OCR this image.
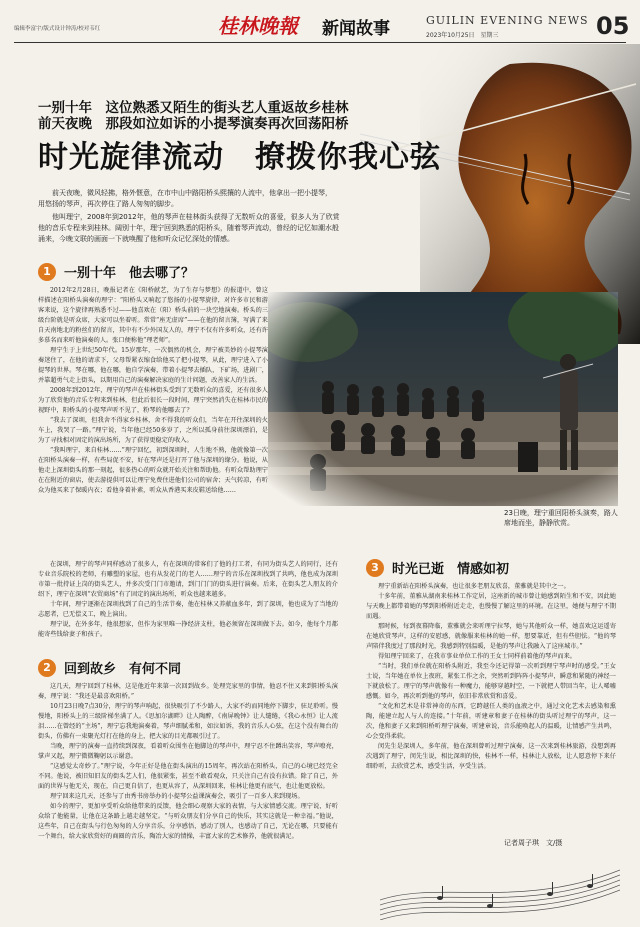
编辑李富宇/版式设计钟涛/校对韦红	桂林晚報 新闻故事	GUILIN EVENING NEWS
2023年10月25日　星期三	05
一别十年　这位熟悉又陌生的街头艺人重返故乡桂林
前天夜晚　那段如泣如诉的小提琴演奏再次回荡阳桥
时光旋律流动　撩拨你我心弦
前天夜晚，微风轻拂，格外惬意，在市中山中路阳桥头熙攘的人流中，他拿出一把小提琴，用悠扬的琴声，再次停住了路人匆匆的脚步。
他叫理宁，2008年到2012年，他的琴声在桂林街头获得了无数听众的喜爱，很多人为了欣赏他的音乐专程来到桂林。阔别十年，理宁回到熟悉的阳桥头，随着琴声流动，曾经的记忆如潮水般涌来，今晚文联的画面一下就唤醒了他和听众记忆深处的情感。
1	一别十年　他去哪了？

2012年2月28日，晚报记者在《阳桥献艺，为了生存与梦想》的报道中，曾这样描述在阳桥头演奏的理宁：“阳桥头又响起了悠扬的小提琴旋律，对许多市民和游客来说，这个旋律再熟悉不过——他喜欢在（阳）桥头前的一块空地演奏。桥头的三级台阶就是听众席，大家可以坐着听。常常“座无虚席”——在他的留言簿，写满了来自天南地北的粉丝们的留言，其中有不少外国友人的，理宁不仅有许多听众，还有许多慕名而来听他演奏的人。张口便称他“理老师”。

理宁生于上世纪50年代。15岁那年，一次偶然的机会，理宁被美妙的小提琴演奏迷住了，在他的请求下，父母帮紧衣缩食给他买了把小提琴，从此，理宁进入了小提琴的世界。琴在哪，他在哪，他自学演奏，带着小提琴去插队，下矿场，进剧厂，并靠超勇气走上街头，以期用自己的演奏解决家庭的生计问题，改善家人的生活。

2008年到2012年，理宁的琴声在桂林街头受到了无数听众的喜爱，还有很多人为了欣赏他的音乐专程来到桂林，但此后很长一段时间，理宁突然消失在桂林市民的视野中，阳桥头的小提琴声听不见了，粉琴的他哪去了？

“我去了深圳，但我舍不得家乡桂林，舍不得我的听众们，当年在开往深圳的火车上，我哭了一路。”理宁说，当年他已经50多岁了，之所以孤身前往深圳漂泊，是为了寻找相对固定的演出场所，为了获得更稳定的收入。

“我叫理宁，来自桂林……”理宁回忆，初到深圳时，人生地不熟，他就像第一次在阳桥头演奏一样，有些局促不安，好在琴声还是打开了他与深圳的缘分。他说，从他走上深圳街头的那一刻起，很多热心的听众就开始关注和帮助他。有听众帮助理宁在在附近的窗店，使去游提供可以让理宁免费住进他们公司的宿舍；天气转凉，有听众为他买来了保暖内衣；看他身着补素，听众从香港买来皮鞋送给他……

在深圳，理宁的琴声同样感动了很多人，有在深圳的常客们了他的打工者，有同为街头艺人的同行，还有专业音乐院校的老师，有雕塑的家屋，也有从发花门的老人……理宁的音乐在深圳找到了共鸣，他也成为深圳市第一批持证上岗的街头艺人，并多次受门门市邀请，到门门门的街头进行演奏。后来，在街头艺人朋友的介绍下，理宁在深圳“农贸商场”有了固定的演出场所，听众也越来越多。

十年间，理宁逐渐在深圳找到了自己的生活节奏，他在桂林又养献血多年，到了深圳，他也成为了当地的志愿者，已无偿义工，晚上演出。

理宁说，在外多年，他很想家，但作为家里唯一挣经济支柱，他必须留在深圳做下去。如今，他每个月都能寄些钱给妻子和孩子。

2	回到故乡　有何不同

这几天，理宁回到了桂林，这是他近年来第一次回到故乡。处理完家里的事情，他忍不住又来到阳桥头演奏，理宁说：“我还是最喜欢阳桥。”

10月23日晚7点30分，理宁的琴声响起，很快吸引了不少路人，大家不约而同地停下脚步，驻足聆听。慢慢地，阳桥头上的三级阶梯坐满了人。《思加尔湖畔》让人陶醉，《南屏晚钟》让人缱绻，《我心永恒》让人流泪……在曾经的“主场”，理宁忘我地演奏着，琴声细腻柔和，如泣如诉，我的音乐人心弦，在这个没有舞台的街头，仿佛有一束聚光灯打在他的身上，把大家的目光都吸引过了。

当晚，理宁的演奏一直持续到深夜，看着听众围坐在他脚边的琴声中，理宁忍不住蹲出笑容，琴声嘹亮，掌声又起，理宁微微鞠躬以示谢意。

“这感觉太奇妙了。”理宁说，今年正好是他在街头演出的15周年，再次站在阳桥头，自己的心境已经完全不同。他说，被旧知旧友的街头艺人们，他很紧张，甚至不敢看观众，只关注自己有没有拉错。除了自己，外面的世界与他无关，现在，自己更自信了，也更从容了，从深圳回来，桂林让他更有底气，也让他更放松。

理宁回来这几天，还参与了由秀书房举办的小提琴公益课演奏会，吸引了一百多人来到现场。

如今的理宁，更加享受听众给他带来的反馈，他会细心观察大家的表情，与大家情感交流。理宁说，好听众给了他能量，让他在这条路上越走越坚定。“与听众朋友们分享自己的快乐，其实这就是一种幸福。”他说，这些年，自己在街头与行色匆匆的人分享音乐，分享感悟，感动了别人，也感动了自己，无论在哪，只要能有一个舞台，给大家欣赏好的商圈的音乐，陶冶大家的情操，丰富大家的艺术修养，他就很满足。

23日晚，理宁重回阳桥头演奏，路人席地而坐，静静欣赏。
3	时光已逝　情感如初

理宁重新站在阳桥头演奏，也让很多老朋友欣喜，董雅就是其中之一。

十多年前，董雅从湖南来桂林工作定居，这座新的城市曾让她感到陌生和不安，因此她与天晚上都带着她的琴到阳桥附近走走，也慢慢了解这里的环境。在这里，她便与理宁不期而遇。

那时候，每到夜幕降临，董雅就会来听理宁拉琴，她与其他听众一样，她喜欢这运遥寄在她欣赏琴声，这样的安慰感，就像服来桂林的她一样，想要靠近，但有些胆怯。“他的琴声陪伴我度过了那段时光，我感到特别温暖，是他的琴声让我融入了这座城市。”

得知理宁回来了，在我市事业单位工作的王女士同样前着他的琴声而来。

“当时，我们单位就在阳桥头附近，我至今还记得第一次听到理宁琴声时的感受。”王女士说，当年她在单位上夜班，紧张工作之余，突然听到阵阵小提琴声，瞬意和紧随的神经一下就放松了。理宁的琴声就像有一种魔力，能够穿越时空，一下就把人带回当年，让人唏嘘感慨。如今，再次听到他的琴声，依旧非常欣赏和喜爱。

“文化和艺术是非常神奇的东西，它跨越任人类的血液之中，通过文化艺术去感染和熏陶，能建立起人与人的连接。”十年前，听建章和妻子在桂林的街头听过理宁的琴声，这一次，他和妻子又来到阳桥听理宁演奏，听建章说，音乐能唤起人的温暖，让情感产生共鸣，心会变得柔软。

闵先生是深圳人，多年前，他在深圳曾听过理宁演奏，这一次来到桂林旅游，没想到再次遇到了理宁，闵先生说，相比深圳的快，桂林不一样，桂林让人放松，让人愿意停下来仔细聆听，去欣赏艺术，感受生活，享受生活。

记者周子琪　文/摄
